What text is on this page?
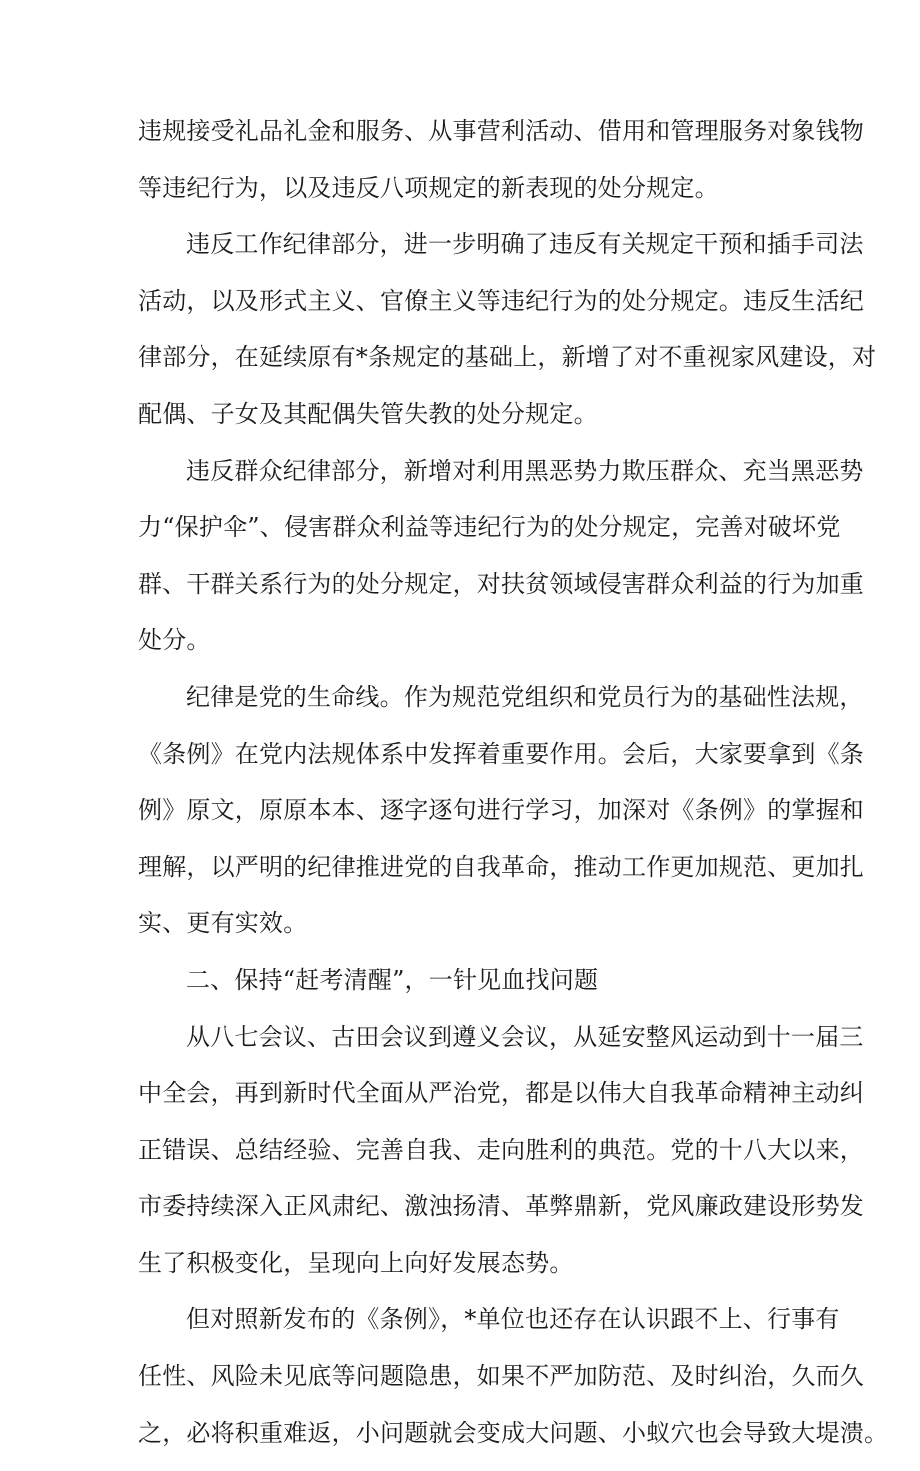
违规接受礼品礼金和服务、从事营利活动、借用和管理服务对象钱物
等违纪行为，以及违反八项规定的新表现的处分规定。
违反工作纪律部分，进一步明确了违反有关规定干预和插手司法
活动，以及形式主义、官僚主义等违纪行为的处分规定。违反生活纪
律部分，在延续原有*条规定的基础上，新增了对不重视家风建设，对
配偶、子女及其配偶失管失教的处分规定。
违反群众纪律部分，新增对利用黑恶势力欺压群众、充当黑恶势
力“保护伞”、侵害群众利益等违纪行为的处分规定，完善对破坏党
群、干群关系行为的处分规定，对扶贫领域侵害群众利益的行为加重
处分。
纪律是党的生命线。作为规范党组织和党员行为的基础性法规，
《条例》在党内法规体系中发挥着重要作用。会后，大家要拿到《条
例》原文，原原本本、逐字逐句进行学习，加深对《条例》的掌握和
理解，以严明的纪律推进党的自我革命，推动工作更加规范、更加扎
实、更有实效。
二、保持“赶考清醒”，一针见血找问题
从八七会议、古田会议到遵义会议，从延安整风运动到十一届三
中全会，再到新时代全面从严治党，都是以伟大自我革命精神主动纠
正错误、总结经验、完善自我、走向胜利的典范。党的十八大以来，
市委持续深入正风肃纪、激浊扬清、革弊鼎新，党风廉政建设形势发
生了积极变化，呈现向上向好发展态势。
但对照新发布的《条例》，*单位也还存在认识跟不上、行事有
任性、风险未见底等问题隐患，如果不严加防范、及时纠治，久而久
之，必将积重难返，小问题就会变成大问题、小蚁穴也会导致大堤溃。
